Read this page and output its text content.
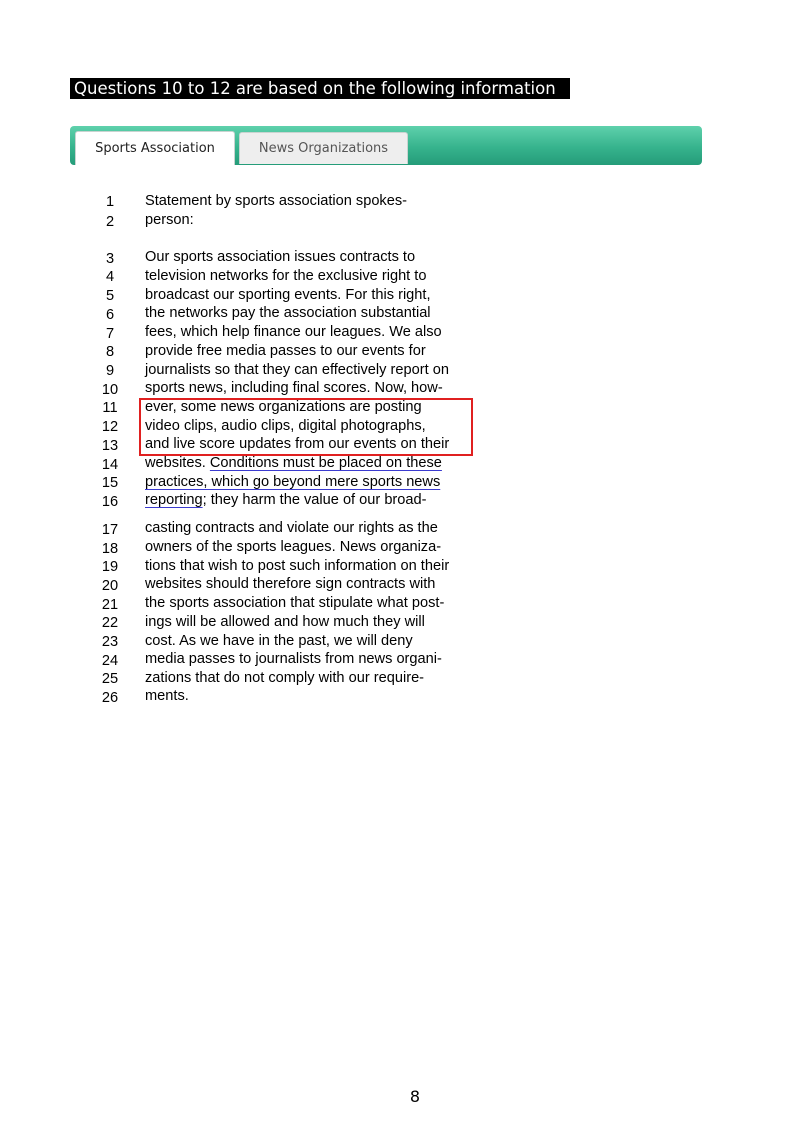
Questions 10 to 12 are based on the following information
Sports Association	News Organizations
1	Statement by sports association spokes-
2	person:
3	Our sports association issues contracts to
4	television networks for the exclusive right to
5	broadcast our sporting events. For this right,
6	the networks pay the association substantial
7	fees, which help finance our leagues. We also
8	provide free media passes to our events for
9	journalists so that they can effectively report on
10	sports news, including final scores. Now, how-
11	ever, some news organizations are posting
12	video clips, audio clips, digital photographs,
13	and live score updates from our events on their
14	websites. Conditions must be placed on these
15	practices, which go beyond mere sports news
16	reporting; they harm the value of our broad-
17	casting contracts and violate our rights as the
18	owners of the sports leagues. News organiza-
19	tions that wish to post such information on their
20	websites should therefore sign contracts with
21	the sports association that stipulate what post-
22	ings will be allowed and how much they will
23	cost. As we have in the past, we will deny
24	media passes to journalists from news organi-
25	zations that do not comply with our require-
26	ments.
8
